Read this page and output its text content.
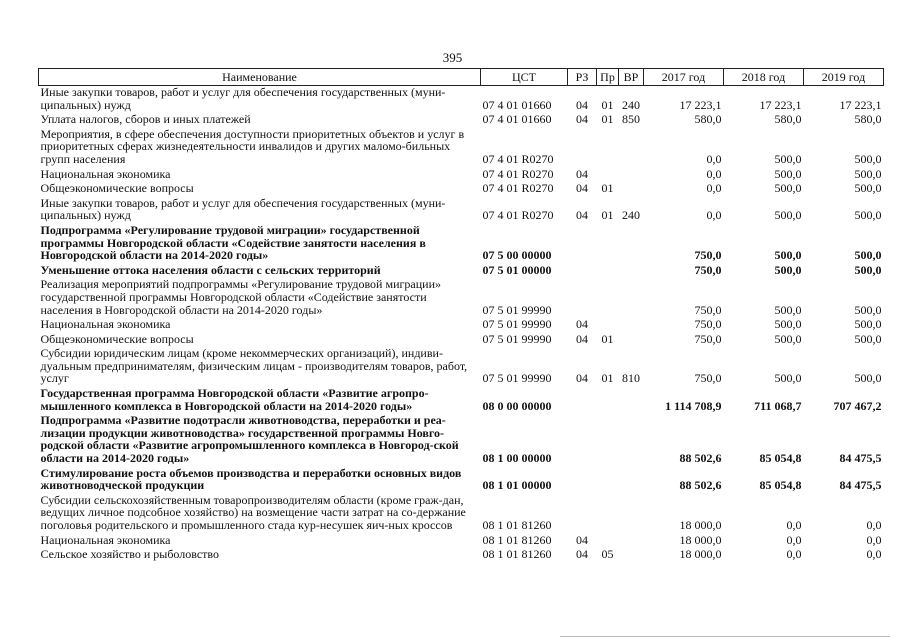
395
Наименование	ЦСТ	РЗ	Пр	ВР	2017 год	2018 год	2019 год
Иные закупки товаров, работ и услуг для обеспечения государственных (муни-ципальных) нужд	07 4 01 01660	04	01	240	17 223,1	17 223,1	17 223,1
Уплата налогов, сборов и иных платежей	07 4 01 01660	04	01	850	580,0	580,0	580,0
Мероприятия, в сфере обеспечения доступности приоритетных объектов и услуг в приоритетных сферах жизнедеятельности инвалидов и других маломо-бильных групп населения	07 4 01 R0270				0,0	500,0	500,0
Национальная экономика	07 4 01 R0270	04			0,0	500,0	500,0
Общеэкономические вопросы	07 4 01 R0270	04	01		0,0	500,0	500,0
Иные закупки товаров, работ и услуг для обеспечения государственных (муни-ципальных) нужд	07 4 01 R0270	04	01	240	0,0	500,0	500,0
Подпрограмма «Регулирование трудовой миграции» государственной программы Новгородской области «Содействие занятости населения в Новгородской области на 2014-2020 годы»	07 5 00 00000				750,0	500,0	500,0
Уменьшение оттока населения области с сельских территорий	07 5 01 00000				750,0	500,0	500,0
Реализация мероприятий подпрограммы «Регулирование трудовой миграции» государственной программы Новгородской области «Содействие занятости населения в Новгородской области на 2014-2020 годы»	07 5 01 99990				750,0	500,0	500,0
Национальная экономика	07 5 01 99990	04			750,0	500,0	500,0
Общеэкономические вопросы	07 5 01 99990	04	01		750,0	500,0	500,0
Субсидии юридическим лицам (кроме некоммерческих организаций), индиви-дуальным предпринимателям, физическим лицам - производителям товаров, работ, услуг	07 5 01 99990	04	01	810	750,0	500,0	500,0
Государственная программа Новгородской области «Развитие агропро-мышленного комплекса в Новгородской области на 2014-2020 годы»	08 0 00 00000				1 114 708,9	711 068,7	707 467,2
Подпрограмма «Развитие подотрасли животноводства, переработки и реа-лизации продукции животноводства» государственной программы Новго-родской области «Развитие агропромышленного комплекса в Новгород-ской области на 2014-2020 годы»	08 1 00 00000				88 502,6	85 054,8	84 475,5
Стимулирование роста объемов производства и переработки основных видов животноводческой продукции	08 1 01 00000				88 502,6	85 054,8	84 475,5
Субсидии сельскохозяйственным товаропроизводителям области (кроме граж-дан, ведущих личное подсобное хозяйство) на возмещение части затрат на со-держание поголовья родительского и промышленного стада кур-несушек яич-ных кроссов	08 1 01 81260				18 000,0	0,0	0,0
Национальная экономика	08 1 01 81260	04			18 000,0	0,0	0,0
Сельское хозяйство и рыболовство	08 1 01 81260	04	05		18 000,0	0,0	0,0
